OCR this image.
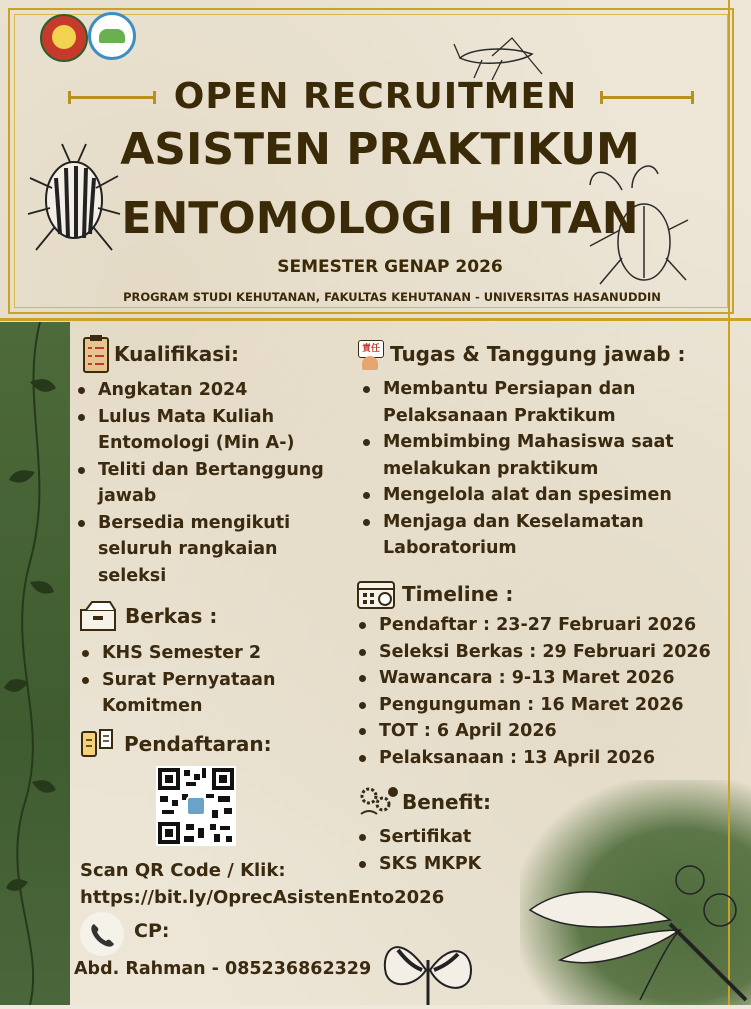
OPEN RECRUITMEN
ASISTEN PRAKTIKUM
ENTOMOLOGI HUTAN
SEMESTER GENAP 2026
PROGRAM STUDI KEHUTANAN, FAKULTAS KEHUTANAN - UNIVERSITAS HASANUDDIN
Kualifikasi:
Angkatan 2024
Lulus Mata Kuliah
Entomologi (Min A-)
Teliti dan Bertanggung
jawab
Bersedia mengikuti
seluruh rangkaian
seleksi
Berkas :
KHS Semester 2
Surat Pernyataan
Komitmen
Pendaftaran:
Scan QR Code / Klik:
https://bit.ly/OprecAsistenEnto2026
CP:
Abd. Rahman - 085236862329
責任 Tugas & Tanggung jawab :
Membantu Persiapan dan
Pelaksanaan Praktikum
Membimbing Mahasiswa saat
melakukan praktikum
Mengelola alat dan spesimen
Menjaga dan Keselamatan
Laboratorium
Timeline :
Pendaftar : 23-27 Februari 2026
Seleksi Berkas : 29 Februari 2026
Wawancara : 9-13 Maret 2026
Pengunguman : 16 Maret 2026
TOT : 6 April 2026
Pelaksanaan : 13 April 2026
Benefit:
Sertifikat
SKS MKPK
